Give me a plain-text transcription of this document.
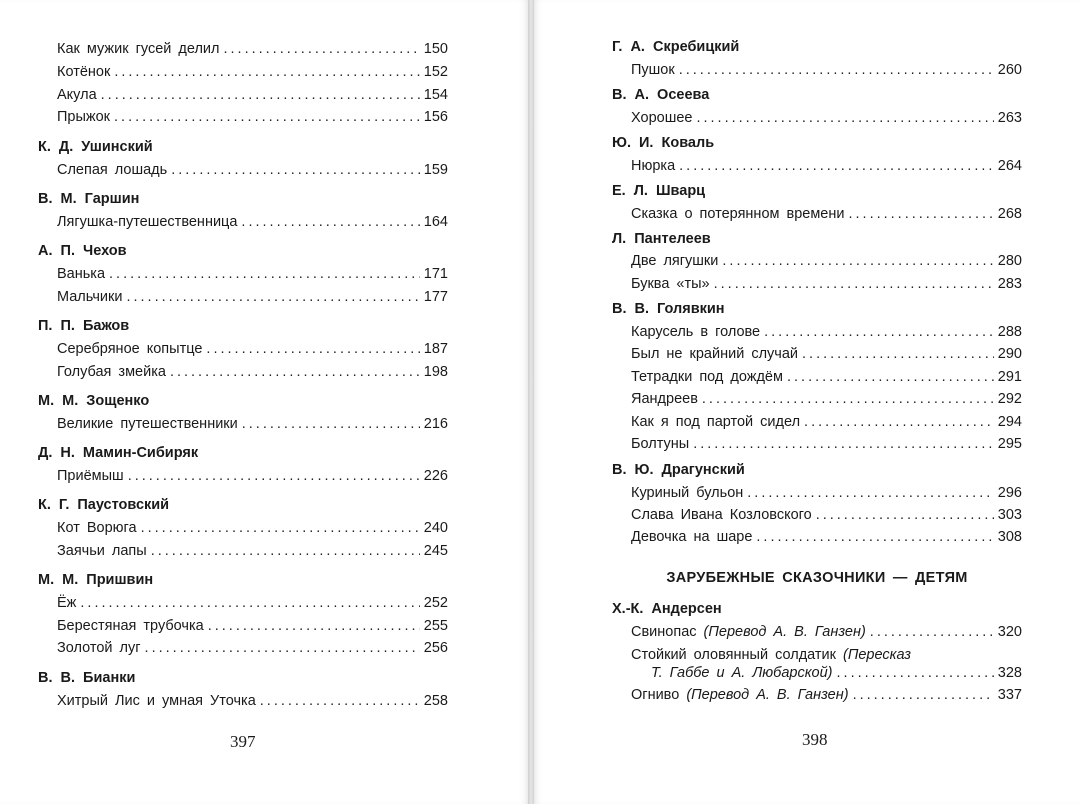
Как мужик гусей делил .....	150
Котёнок .....	152
Акула .....	154
Прыжок .....	156
К. Д. Ушинский
Слепая лошадь .....	159
В. М. Гаршин
Лягушка-путешественница .....	164
А. П. Чехов
Ванька .....	171
Мальчики .....	177
П. П. Бажов
Серебряное копытце .....	187
Голубая змейка .....	198
М. М. Зощенко
Великие путешественники .....	216
Д. Н. Мамин-Сибиряк
Приёмыш .....	226
К. Г. Паустовский
Кот Ворюга .....	240
Заячьи лапы .....	245
М. М. Пришвин
Ёж .....	252
Берестяная трубочка .....	255
Золотой луг .....	256
В. В. Бианки
Хитрый Лис и умная Уточка .....	258
397
Г. А. Скребицкий
Пушок .....	260
В. А. Осеева
Хорошее .....	263
Ю. И. Коваль
Нюрка .....	264
Е. Л. Шварц
Сказка о потерянном времени .....	268
Л. Пантелеев
Две лягушки .....	280
Буква «ты» .....	283
В. В. Голявкин
Карусель в голове .....	288
Был не крайний случай .....	290
Тетрадки под дождём .....	291
Яандреев .....	292
Как я под партой сидел .....	294
Болтуны .....	295
В. Ю. Драгунский
Куриный бульон .....	296
Слава Ивана Козловского .....	303
Девочка на шаре .....	308
ЗАРУБЕЖНЫЕ СКАЗОЧНИКИ — ДЕТЯМ
Х.-К. Андерсен
Свинопас (Перевод А. В. Ганзен) .....	320
Стойкий оловянный солдатик (Пересказ
Т. Габбе и А. Любарской) .....	328
Огниво (Перевод А. В. Ганзен) .....	337
398
